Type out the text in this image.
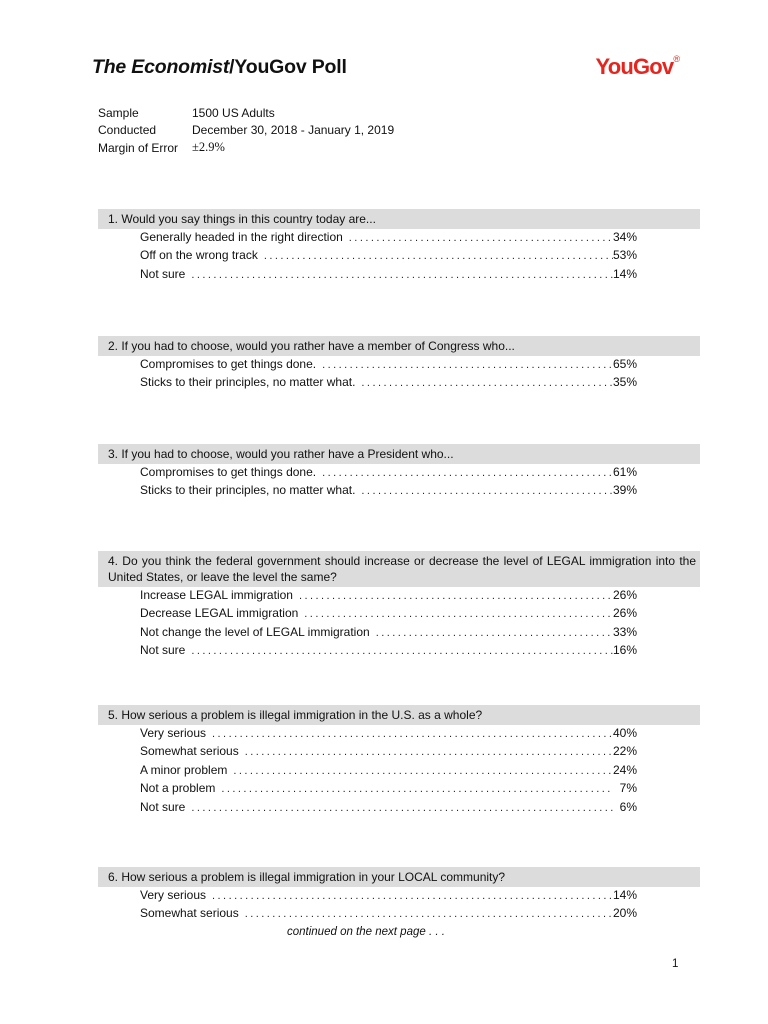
The Economist/YouGov Poll	YouGov®
Sample	1500 US Adults
Conducted	December 30, 2018 - January 1, 2019
Margin of Error	±2.9%
1. Would you say things in this country today are...
Generally headed in the right direction . . .	34%
Off on the wrong track . . .	53%
Not sure . . .	14%
2. If you had to choose, would you rather have a member of Congress who...
Compromises to get things done. . . .	65%
Sticks to their principles, no matter what. . . .	35%
3. If you had to choose, would you rather have a President who...
Compromises to get things done. . . .	61%
Sticks to their principles, no matter what. . . .	39%
4. Do you think the federal government should increase or decrease the level of LEGAL immigration into the United States, or leave the level the same?
Increase LEGAL immigration . . .	26%
Decrease LEGAL immigration . . .	26%
Not change the level of LEGAL immigration . . .	33%
Not sure . . .	16%
5. How serious a problem is illegal immigration in the U.S. as a whole?
Very serious . . .	40%
Somewhat serious . . .	22%
A minor problem . . .	24%
Not a problem . . .	7%
Not sure . . .	6%
6. How serious a problem is illegal immigration in your LOCAL community?
Very serious . . .	14%
Somewhat serious . . .	20%
continued on the next page . . .
1
